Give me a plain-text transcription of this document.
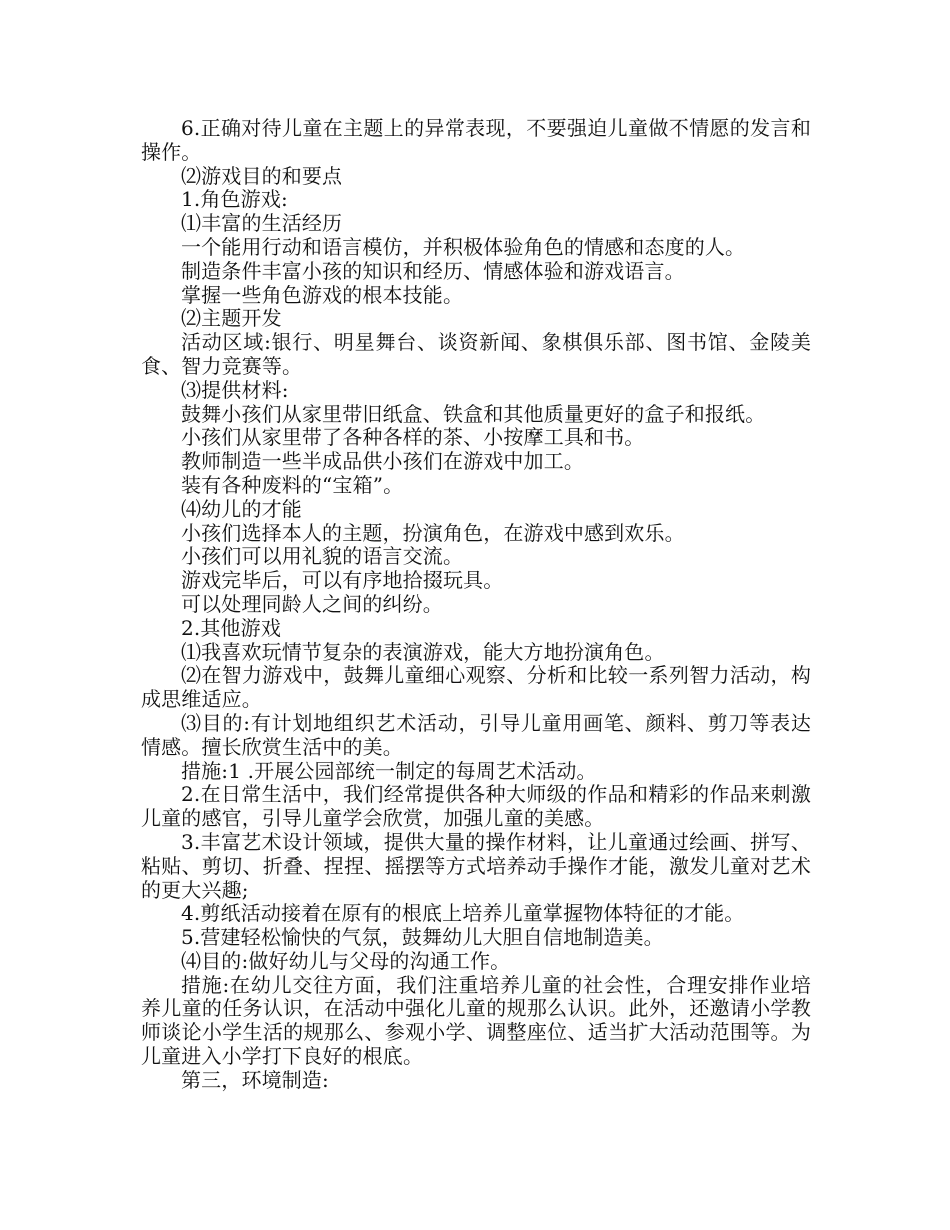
6.正确对待儿童在主题上的异常表现，不要强迫儿童做不情愿的发言和操作。

⑵游戏目的和要点

1.角色游戏:

⑴丰富的生活经历

一个能用行动和语言模仿，并积极体验角色的情感和态度的人。

制造条件丰富小孩的知识和经历、情感体验和游戏语言。

掌握一些角色游戏的根本技能。

⑵主题开发

活动区域:银行、明星舞台、谈资新闻、象棋俱乐部、图书馆、金陵美食、智力竞赛等。

⑶提供材料:

鼓舞小孩们从家里带旧纸盒、铁盒和其他质量更好的盒子和报纸。

小孩们从家里带了各种各样的茶、小按摩工具和书。

教师制造一些半成品供小孩们在游戏中加工。

装有各种废料的“宝箱”。

⑷幼儿的才能

小孩们选择本人的主题，扮演角色，在游戏中感到欢乐。

小孩们可以用礼貌的语言交流。

游戏完毕后，可以有序地拾掇玩具。

可以处理同龄人之间的纠纷。

2.其他游戏

⑴我喜欢玩情节复杂的表演游戏，能大方地扮演角色。

⑵在智力游戏中，鼓舞儿童细心观察、分析和比较一系列智力活动，构成思维适应。

⑶目的:有计划地组织艺术活动，引导儿童用画笔、颜料、剪刀等表达情感。擅长欣赏生活中的美。

措施:1 .开展公园部统一制定的每周艺术活动。

2.在日常生活中，我们经常提供各种大师级的作品和精彩的作品来刺激儿童的感官，引导儿童学会欣赏，加强儿童的美感。

3.丰富艺术设计领域，提供大量的操作材料，让儿童通过绘画、拼写、粘贴、剪切、折叠、捏捏、摇摆等方式培养动手操作才能，激发儿童对艺术的更大兴趣;

4.剪纸活动接着在原有的根底上培养儿童掌握物体特征的才能。

5.营建轻松愉快的气氛，鼓舞幼儿大胆自信地制造美。

⑷目的:做好幼儿与父母的沟通工作。

措施:在幼儿交往方面，我们注重培养儿童的社会性，合理安排作业培养儿童的任务认识，在活动中强化儿童的规那么认识。此外，还邀请小学教师谈论小学生活的规那么、参观小学、调整座位、适当扩大活动范围等。为儿童进入小学打下良好的根底。

第三，环境制造:
